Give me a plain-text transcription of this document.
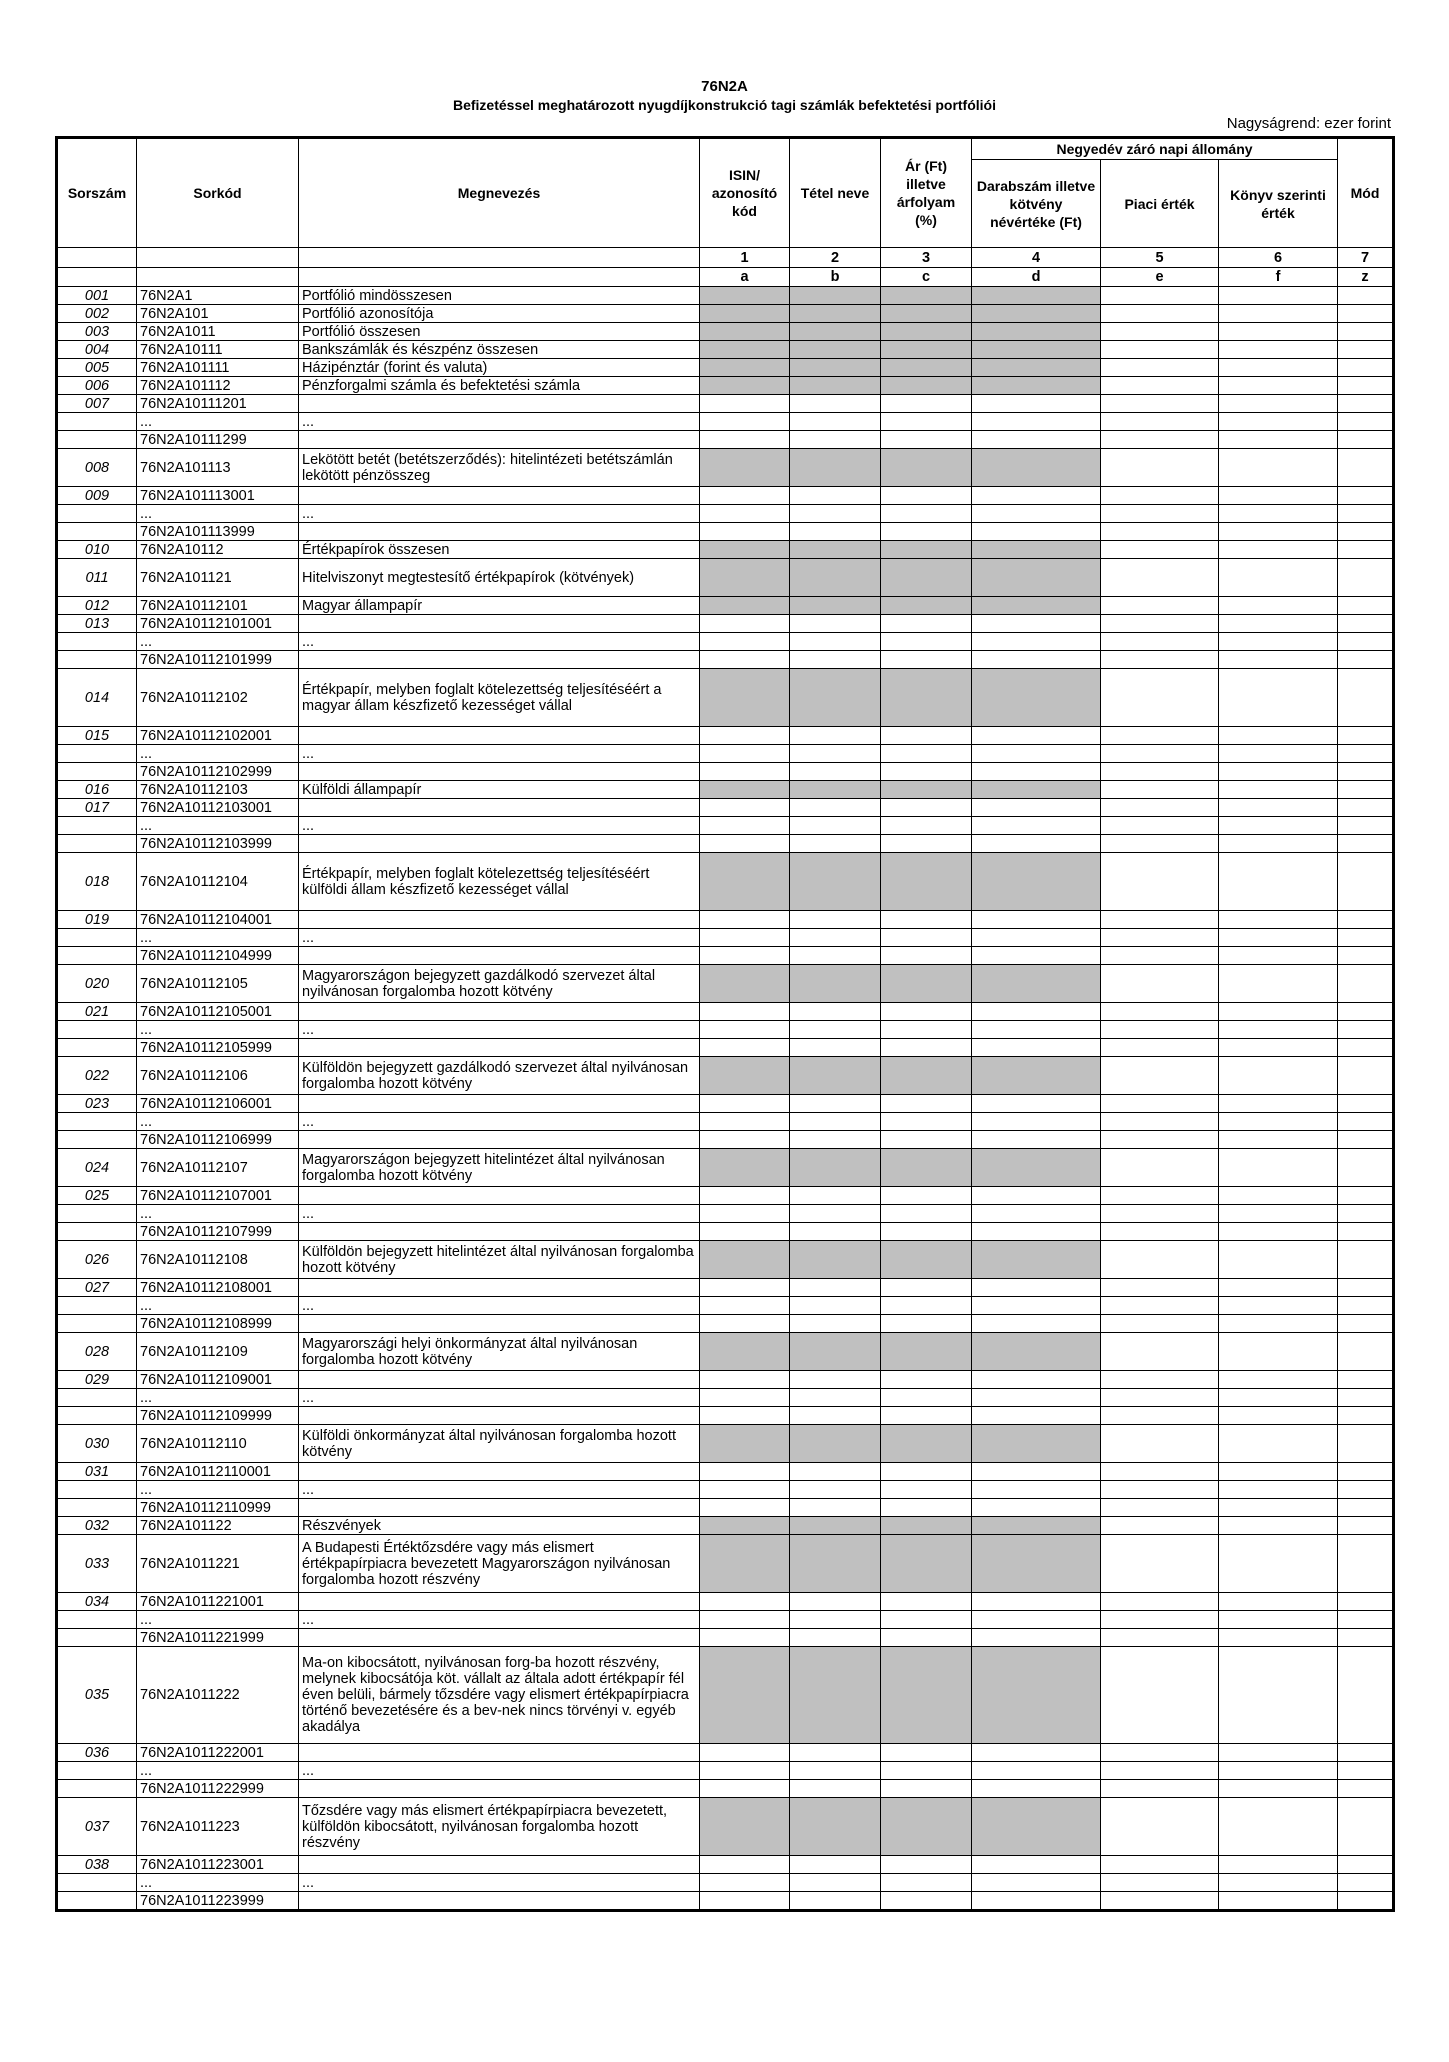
76N2A
Befizetéssel meghatározott nyugdíjkonstrukció tagi számlák befektetési portfóliói
Nagyságrend: ezer forint
Sorszám	Sorkód	Megnevezés	ISIN/ azonosító kód	Tétel neve	Ár (Ft) illetve árfolyam (%)	Negyedév záró napi állomány			Mód
						Darabszám illetve kötvény névértéke (Ft)	Piaci érték	Könyv szerinti érték	
			1	2	3	4	5	6	7
			a	b	c	d	e	f	z
001	76N2A1	Portfólió mindösszesen							
002	76N2A101	Portfólió azonosítója							
003	76N2A1011	Portfólió összesen							
004	76N2A10111	Bankszámlák és készpénz összesen							
005	76N2A101111	Házipénztár (forint és valuta)							
006	76N2A101112	Pénzforgalmi számla és befektetési számla							
007	76N2A10111201								
	...	...							
	76N2A10111299								
008	76N2A101113	Lekötött betét (betétszerződés): hitelintézeti betétszámlán lekötött pénzösszeg							
009	76N2A101113001								
	...	...							
	76N2A101113999								
010	76N2A10112	Értékpapírok összesen							
011	76N2A101121	Hitelviszonyt megtestesítő értékpapírok (kötvények)							
012	76N2A10112101	Magyar állampapír							
013	76N2A10112101001								
	...	...							
	76N2A10112101999								
014	76N2A10112102	Értékpapír, melyben foglalt kötelezettség teljesítéséért a magyar állam készfizető kezességet vállal							
015	76N2A10112102001								
	...	...							
	76N2A10112102999								
016	76N2A10112103	Külföldi állampapír							
017	76N2A10112103001								
	...	...							
	76N2A10112103999								
018	76N2A10112104	Értékpapír, melyben foglalt kötelezettség teljesítéséért külföldi állam készfizető kezességet vállal							
019	76N2A10112104001								
	...	...							
	76N2A10112104999								
020	76N2A10112105	Magyarországon bejegyzett gazdálkodó szervezet által nyilvánosan forgalomba hozott kötvény							
021	76N2A10112105001								
	...	...							
	76N2A10112105999								
022	76N2A10112106	Külföldön bejegyzett gazdálkodó szervezet által nyilvánosan forgalomba hozott kötvény							
023	76N2A10112106001								
	...	...							
	76N2A10112106999								
024	76N2A10112107	Magyarországon bejegyzett hitelintézet által nyilvánosan forgalomba hozott kötvény							
025	76N2A10112107001								
	...	...							
	76N2A10112107999								
026	76N2A10112108	Külföldön bejegyzett hitelintézet által nyilvánosan forgalomba hozott kötvény							
027	76N2A10112108001								
	...	...							
	76N2A10112108999								
028	76N2A10112109	Magyarországi helyi önkormányzat által nyilvánosan forgalomba hozott kötvény							
029	76N2A10112109001								
	...	...							
	76N2A10112109999								
030	76N2A10112110	Külföldi önkormányzat által nyilvánosan forgalomba hozott kötvény							
031	76N2A10112110001								
	...	...							
	76N2A10112110999								
032	76N2A101122	Részvények							
033	76N2A1011221	A Budapesti Értéktőzsdére vagy más elismert értékpapírpiacra bevezetett Magyarországon nyilvánosan forgalomba hozott részvény							
034	76N2A1011221001								
	...	...							
	76N2A1011221999								
035	76N2A1011222	Ma-on kibocsátott, nyilvánosan forg-ba hozott részvény, melynek kibocsátója köt. vállalt az általa adott értékpapír fél éven belüli, bármely tőzsdére vagy elismert értékpapírpiacra történő bevezetésére és a bev-nek nincs törvényi v. egyéb akadálya							
036	76N2A1011222001								
	...	...							
	76N2A1011222999								
037	76N2A1011223	Tőzsdére vagy más elismert értékpapírpiacra bevezetett, külföldön kibocsátott, nyilvánosan forgalomba hozott részvény							
038	76N2A1011223001								
	...	...							
	76N2A1011223999								
